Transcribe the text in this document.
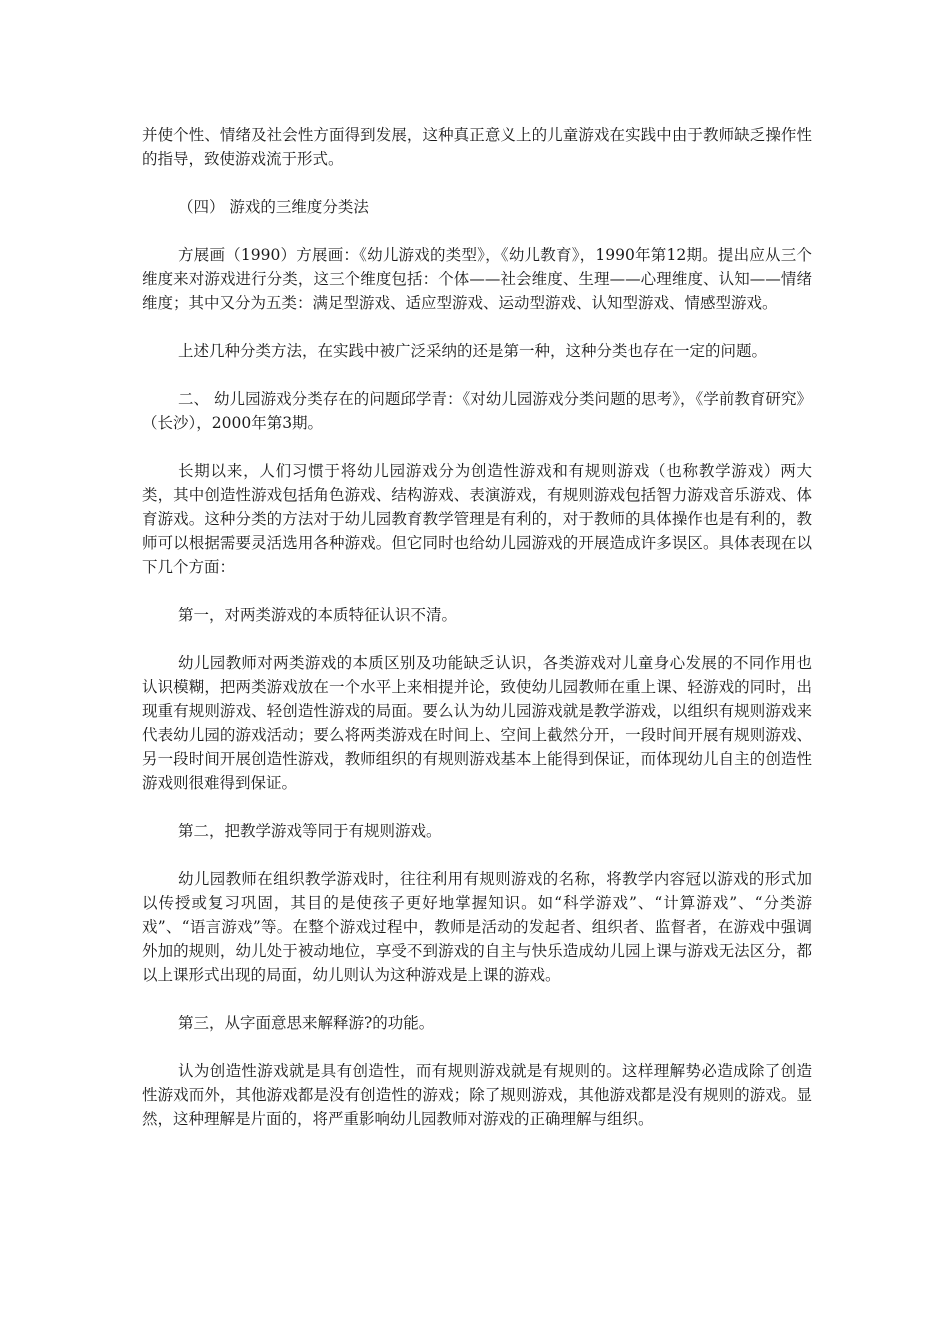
并使个性、情绪及社会性方面得到发展，这种真正意义上的儿童游戏在实践中由于教师缺乏操作性的指导，致使游戏流于形式。

（四） 游戏的三维度分类法

方展画（1990）方展画：《幼儿游戏的类型》，《幼儿教育》，1990年第12期。提出应从三个维度来对游戏进行分类，这三个维度包括：个体——社会维度、生理——心理维度、认知——情绪维度；其中又分为五类：满足型游戏、适应型游戏、运动型游戏、认知型游戏、情感型游戏。

上述几种分类方法，在实践中被广泛采纳的还是第一种，这种分类也存在一定的问题。

二、 幼儿园游戏分类存在的问题邱学青：《对幼儿园游戏分类问题的思考》，《学前教育研究》（长沙），2000年第3期。

长期以来，人们习惯于将幼儿园游戏分为创造性游戏和有规则游戏（也称教学游戏）两大类，其中创造性游戏包括角色游戏、结构游戏、表演游戏，有规则游戏包括智力游戏音乐游戏、体育游戏。这种分类的方法对于幼儿园教育教学管理是有利的，对于教师的具体操作也是有利的，教师可以根据需要灵活选用各种游戏。但它同时也给幼儿园游戏的开展造成许多误区。具体表现在以下几个方面：

第一，对两类游戏的本质特征认识不清。

幼儿园教师对两类游戏的本质区别及功能缺乏认识，各类游戏对儿童身心发展的不同作用也认识模糊，把两类游戏放在一个水平上来相提并论，致使幼儿园教师在重上课、轻游戏的同时，出现重有规则游戏、轻创造性游戏的局面。要么认为幼儿园游戏就是教学游戏，以组织有规则游戏来代表幼儿园的游戏活动；要么将两类游戏在时间上、空间上截然分开，一段时间开展有规则游戏、另一段时间开展创造性游戏，教师组织的有规则游戏基本上能得到保证，而体现幼儿自主的创造性游戏则很难得到保证。

第二，把教学游戏等同于有规则游戏。

幼儿园教师在组织教学游戏时，往往利用有规则游戏的名称，将教学内容冠以游戏的形式加以传授或复习巩固，其目的是使孩子更好地掌握知识。如“科学游戏”、“计算游戏”、“分类游戏”、“语言游戏”等。在整个游戏过程中，教师是活动的发起者、组织者、监督者，在游戏中强调外加的规则，幼儿处于被动地位，享受不到游戏的自主与快乐造成幼儿园上课与游戏无法区分，都以上课形式出现的局面，幼儿则认为这种游戏是上课的游戏。

第三，从字面意思来解释游?的功能。

认为创造性游戏就是具有创造性，而有规则游戏就是有规则的。这样理解势必造成除了创造性游戏而外，其他游戏都是没有创造性的游戏；除了规则游戏，其他游戏都是没有规则的游戏。显然，这种理解是片面的，将严重影响幼儿园教师对游戏的正确理解与组织。
